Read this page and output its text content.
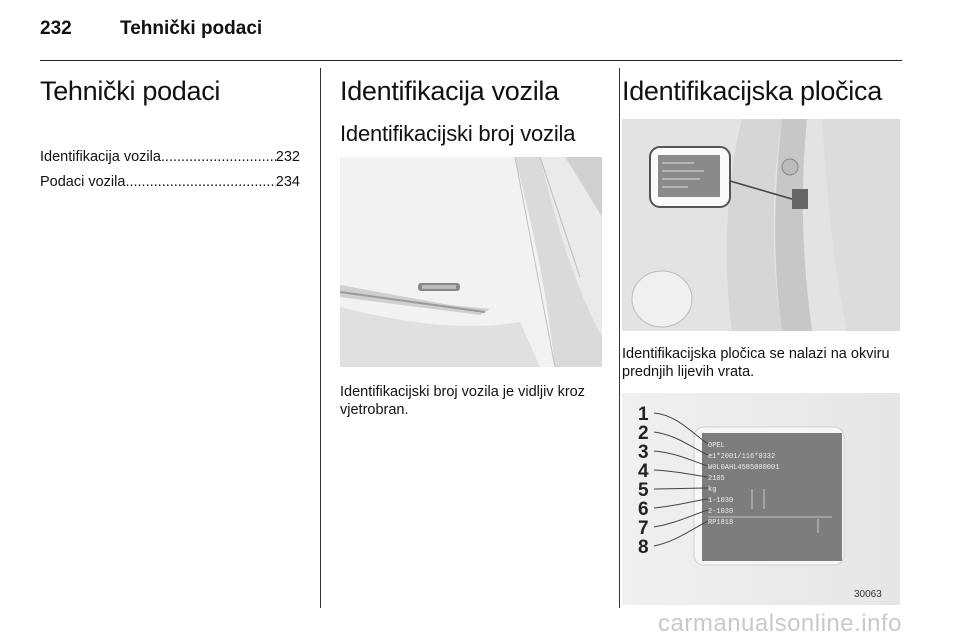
232	Tehnički podaci
Tehnički podaci
Identifikacija vozila .....	232
Podaci vozila .....	234
Identifikacija vozila
Identifikacijski broj vozila

Identifikacijski broj vozila je vidljiv kroz vjetrobran.

Identifikacijska pločica

Identifikacijska pločica se nalazi na okviru prednjih lijevih vrata.

OPEL
e1*2001/116*0332
W0L0AHL4585000001
2105
kg
1-1030
2-1030
RP1818
1
2
3
4
5
6
7
8
30063
carmanualsonline.info
